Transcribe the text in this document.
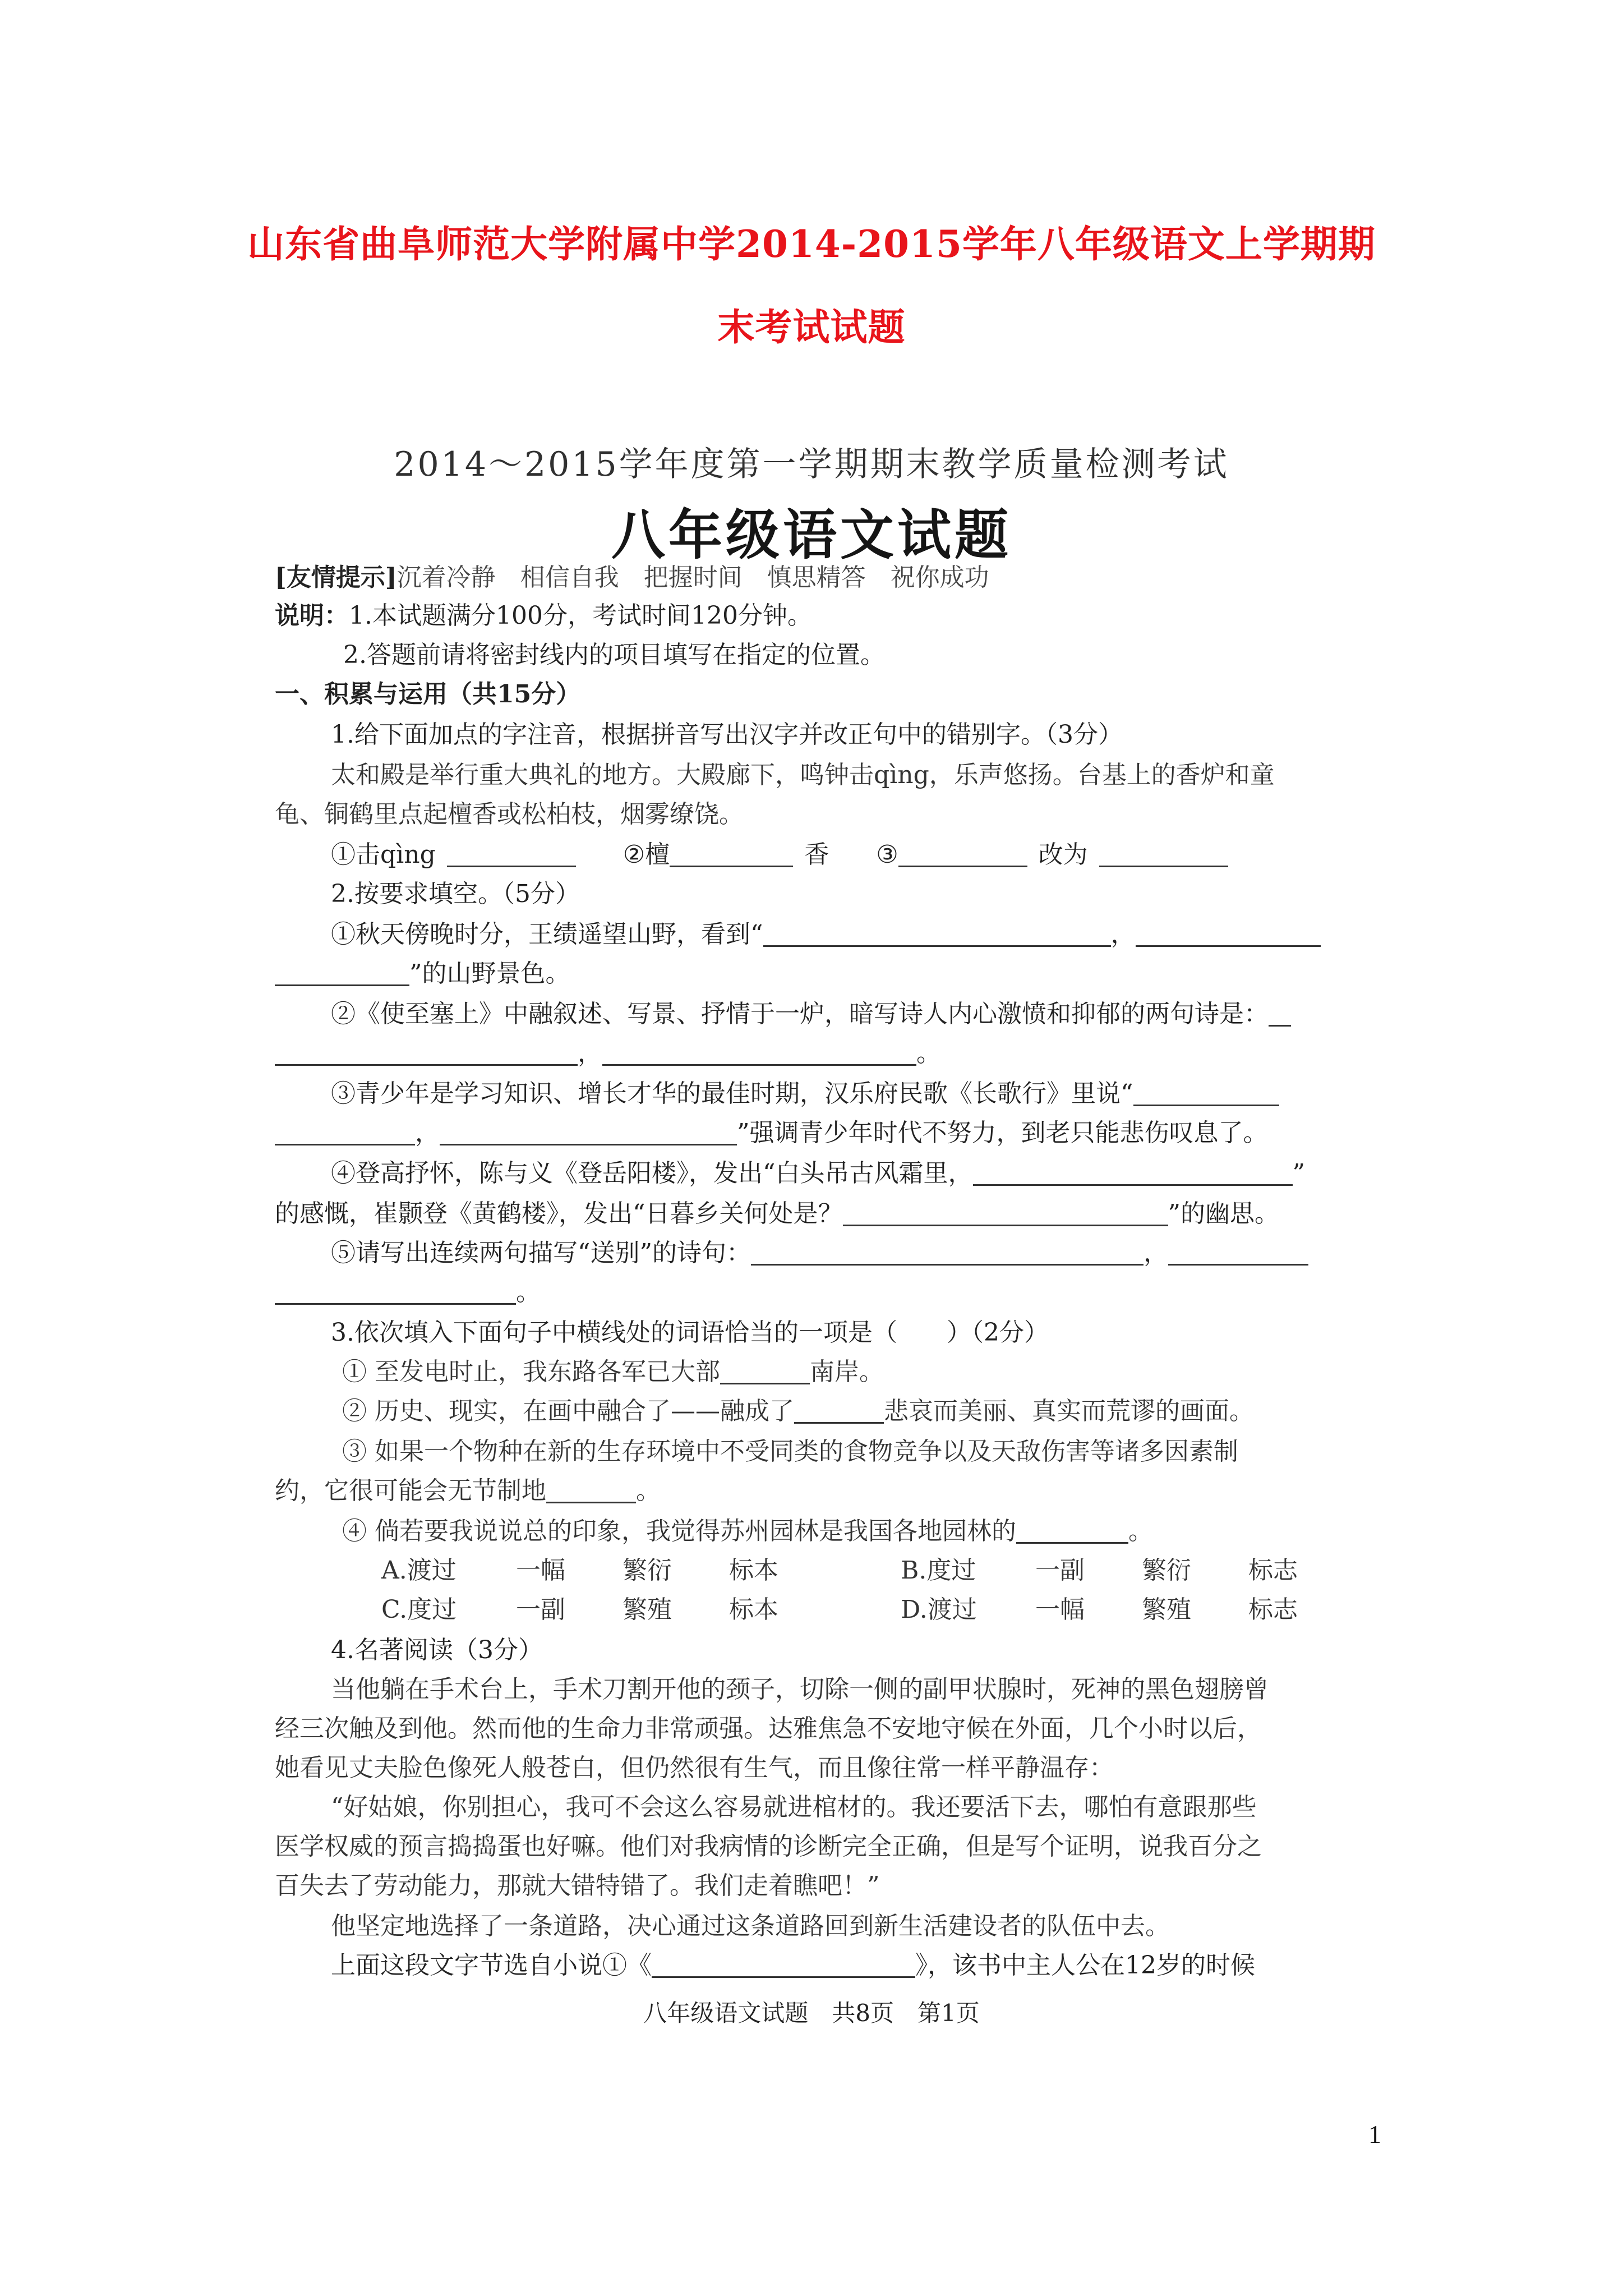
山东省曲阜师范大学附属中学2014-2015学年八年级语文上学期期
末考试试题
2014～2015学年度第一学期期末教学质量检测考试
八年级语文试题
[友情提示]沉着冷静　相信自我　把握时间　慎思精答　祝你成功
说明：1.本试题满分100分，考试时间120分钟。
2.答题前请将密封线内的项目填写在指定的位置。
一、积累与运用（共15分）
1.给下面加点的字注音，根据拼音写出汉字并改正句中的错别字。（3分）
太和殿是举行重大典礼的地方。大殿廊下，鸣钟击qìng，乐声悠扬。台基上的香炉和童
龟、铜鹤里点起檀香或松柏枝，烟雾缭饶。
①击qìng	②檀	香 ③	改为
2.按要求填空。（5分）
①秋天傍晚时分，王绩遥望山野，看到“	，
”的山野景色。
②《使至塞上》中融叙述、写景、抒情于一炉，暗写诗人内心激愤和抑郁的两句诗是：
，	。
③青少年是学习知识、增长才华的最佳时期，汉乐府民歌《长歌行》里说“
，	”强调青少年时代不努力，到老只能悲伤叹息了。
④登高抒怀，陈与义《登岳阳楼》，发出“白头吊古风霜里，	”
的感慨，崔颢登《黄鹤楼》，发出“日暮乡关何处是？	”的幽思。
⑤请写出连续两句描写“送别”的诗句：	，
。
3.依次填入下面句子中横线处的词语恰当的一项是（　　）（2分）
① 至发电时止，我东路各军已大部	南岸。
② 历史、现实，在画中融合了——融成了	悲哀而美丽、真实而荒谬的画面。
③ 如果一个物种在新的生存环境中不受同类的食物竞争以及天敌伤害等诸多因素制
约，它很可能会无节制地	。
④ 倘若要我说说总的印象，我觉得苏州园林是我国各地园林的	。
A.渡过 一幅 繁衍 标本	B.度过 一副 繁衍 标志
C.度过 一副 繁殖 标本	D.渡过 一幅 繁殖 标志
4.名著阅读（3分）
当他躺在手术台上，手术刀割开他的颈子，切除一侧的副甲状腺时，死神的黑色翅膀曾
经三次触及到他。然而他的生命力非常顽强。达雅焦急不安地守候在外面，几个小时以后，
她看见丈夫脸色像死人般苍白，但仍然很有生气，而且像往常一样平静温存：
“好姑娘，你别担心，我可不会这么容易就进棺材的。我还要活下去，哪怕有意跟那些
医学权威的预言捣捣蛋也好嘛。他们对我病情的诊断完全正确，但是写个证明，说我百分之
百失去了劳动能力，那就大错特错了。我们走着瞧吧！”
他坚定地选择了一条道路，决心通过这条道路回到新生活建设者的队伍中去。
上面这段文字节选自小说①《	》，该书中主人公在12岁的时候
八年级语文试题　共8页　第1页
1
